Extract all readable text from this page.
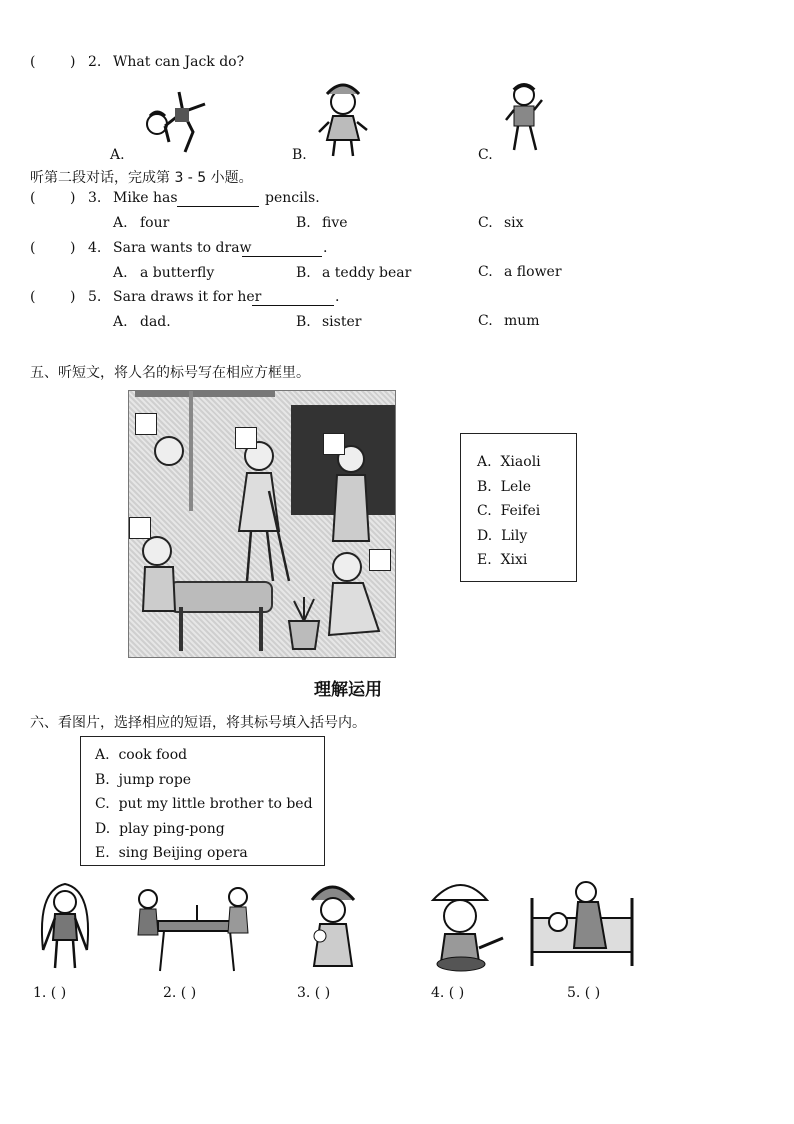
( ) 2. What can Jack do?
A.	B.	C.
听第二段对话，完成第 3 - 5 小题。
( ) 3. Mike has	pencils.
A. four	B. five	C. six
( ) 4. Sara wants to draw	.
A. a butterfly	B. a teddy bear	C. a flower
( ) 5. Sara draws it for her	.
A. dad.	B. sister	C. mum
五、听短文，将人名的标号写在相应方框里。
A. Xiaoli
B. Lele
C. Feifei
D. Lily
E. Xixi
理解运用
六、看图片，选择相应的短语，将其标号填入括号内。
A. cook food
B. jump rope
C. put my little brother to bed
D. play ping-pong
E. sing Beijing opera
1. ( )	2. ( )	3. ( )	4. ( )	5. ( )
